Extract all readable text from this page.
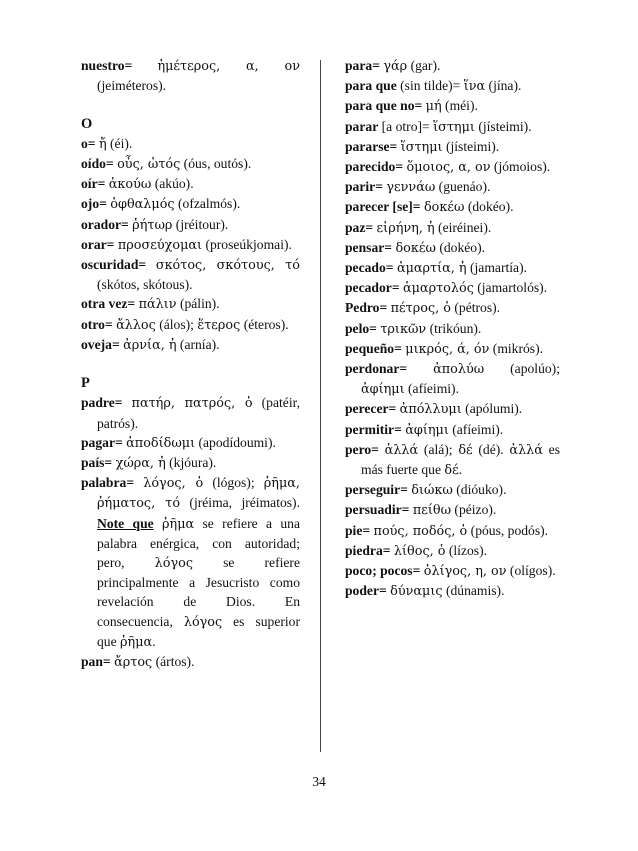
nuestro= ἡμέτερος, α, ον (jeiméteros).

O

o= ἤ (éi).

oído= οὖς, ὠτός (óus, outós).

oír= ἀκούω (akúo).

ojo= ὀφθαλμός (ofzalmós).

orador= ῥήτωρ (jréitour).

orar= προσεύχομαι (proseúkjomai).

oscuridad= σκότος, σκότους, τό (skótos, skótous).

otra vez= πάλιν (pálin).

otro= ἄλλος (álos); ἕτερος (éteros).

oveja= ἀρνία, ἡ (arnía).

P

padre= πατήρ, πατρός, ὁ (patéir, patrós).

pagar= ἀποδίδωμι (apodídoumi).

país= χώρα, ἡ (kjóura).

palabra= λόγος, ὁ (lógos); ῥῆμα, ῥήματος, τό (jréima, jréimatos). Note que ῥῆμα se refiere a una palabra enérgica, con autoridad; pero, λόγος se refiere principalmente a Jesucristo como revelación de Dios. En consecuencia, λόγος es superior que ῥῆμα.

pan= ἄρτος (ártos).

para= γάρ (gar).

para que (sin tilde)= ἵνα (jína).

para que no= μή (méi).

parar [a otro]= ἵστημι (jísteimi).

pararse= ἵστημι (jísteimi).

parecido= ὅμοιος, α, ον (jómoios).

parir= γεννάω (guenáo).

parecer [se]= δοκέω (dokéo).

paz= εἰρήνη, ἡ (eiréinei).

pensar= δοκέω (dokéo).

pecado= ἁμαρτία, ἡ (jamartía).

pecador= ἁμαρτολός (jamartolós).

Pedro= πέτρος, ὁ (pétros).

pelo= τρικῶν (trikóun).

pequeño= μικρός, ά, όν (mikrós).

perdonar= ἀπολύω (apolúo); ἀφίημι (afíeimi).

perecer= ἀπόλλυμι (apólumi).

permitir= ἀφίημι (afíeimi).

pero= ἀλλά (alá); δέ (dé). ἀλλά es más fuerte que δέ.

perseguir= διώκω (dióuko).

persuadir= πείθω (péizo).

pie= πούς, ποδός, ὁ (póus, podós).

piedra= λίθος, ὁ (lízos).

poco; pocos= ὀλίγος, η, ον (olígos).

poder= δύναμις (dúnamis).

34
